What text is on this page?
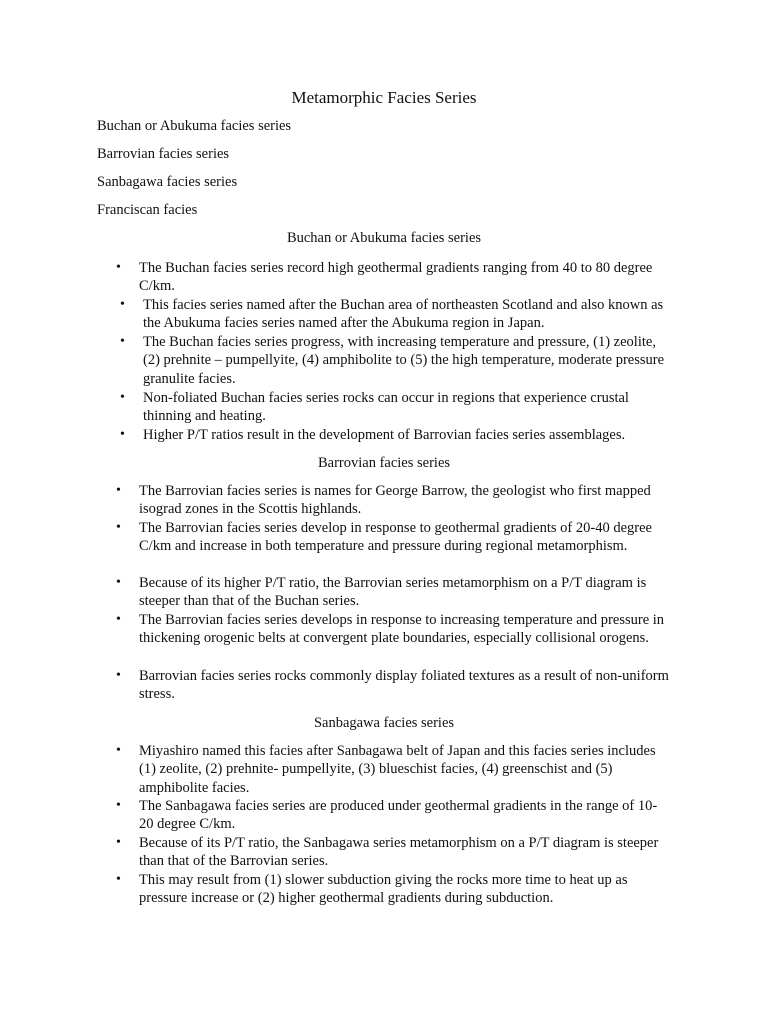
Metamorphic Facies Series
Buchan or Abukuma facies series
Barrovian facies series
Sanbagawa facies series
Franciscan facies
Buchan or Abukuma facies series
• The Buchan facies series record high geothermal gradients ranging from 40 to 80 degree C/km.
• This facies series named after the Buchan area of northeasten Scotland and also known as the Abukuma facies series named after the Abukuma region in Japan.
• The Buchan facies series progress, with increasing temperature and pressure, (1) zeolite, (2) prehnite – pumpellyite, (4) amphibolite to (5) the high temperature, moderate pressure granulite facies.
• Non-foliated Buchan facies series rocks can occur in regions that experience crustal thinning and heating.
• Higher P/T ratios result in the development of Barrovian facies series assemblages.
Barrovian facies series
• The Barrovian facies series is names for George Barrow, the geologist who first mapped isograd zones in the Scottis highlands.
• The Barrovian facies series develop in response to geothermal gradients of 20-40 degree C/km and increase in both temperature and pressure during regional metamorphism.
• Because of its higher P/T ratio, the Barrovian series metamorphism on a P/T diagram is steeper than that of the Buchan series.
• The Barrovian facies series develops in response to increasing temperature and pressure in thickening orogenic belts at convergent plate boundaries, especially collisional orogens.
• Barrovian facies series rocks commonly display foliated textures as a result of non-uniform stress.
Sanbagawa facies series
• Miyashiro named this facies after Sanbagawa belt of Japan and this facies series includes (1) zeolite, (2) prehnite- pumpellyite, (3) blueschist facies, (4) greenschist and (5) amphibolite facies.
• The Sanbagawa facies series are produced under geothermal gradients in the range of 10-20 degree C/km.
• Because of its P/T ratio, the Sanbagawa series metamorphism on a P/T diagram is steeper than that of the Barrovian series.
• This may result from (1) slower subduction giving the rocks more time to heat up as pressure increase or (2) higher geothermal gradients during subduction.
